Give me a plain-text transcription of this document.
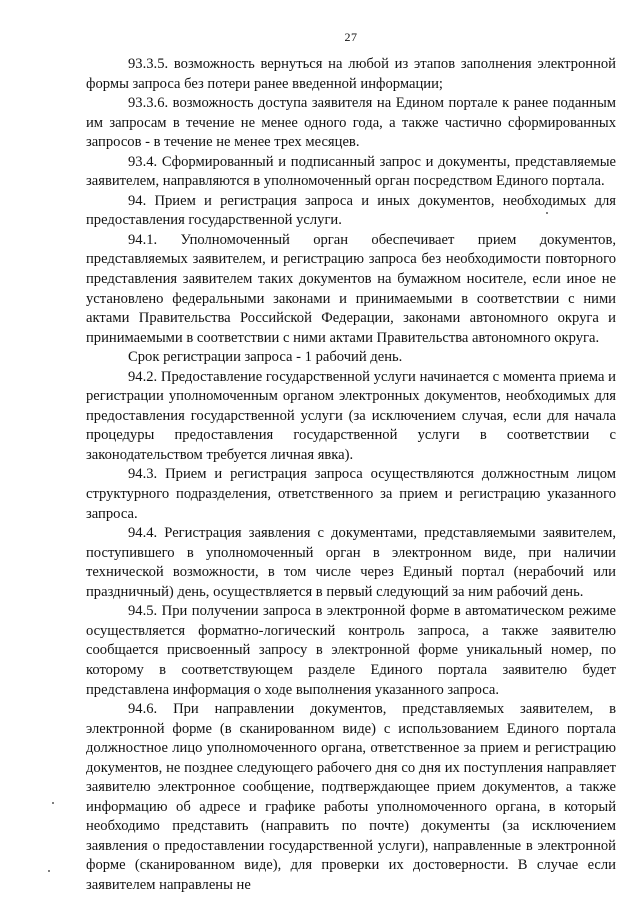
27

93.3.5. возможность вернуться на любой из этапов заполнения электронной формы запроса без потери ранее введенной информации;

93.3.6. возможность доступа заявителя на Едином портале к ранее поданным им запросам в течение не менее одного года, а также частично сформированных запросов - в течение не менее трех месяцев.

93.4. Сформированный и подписанный запрос и документы, представляемые заявителем, направляются в уполномоченный орган посредством Единого портала.

94. Прием и регистрация запроса и иных документов, необходимых для предоставления государственной услуги.

94.1. Уполномоченный орган обеспечивает прием документов, представляемых заявителем, и регистрацию запроса без необходимости повторного представления заявителем таких документов на бумажном носителе, если иное не установлено федеральными законами и принимаемыми в соответствии с ними актами Правительства Российской Федерации, законами автономного округа и принимаемыми в соответствии с ними актами Правительства автономного округа.

Срок регистрации запроса - 1 рабочий день.

94.2. Предоставление государственной услуги начинается с момента приема и регистрации уполномоченным органом электронных документов, необходимых для предоставления государственной услуги (за исключением случая, если для начала процедуры предоставления государственной услуги в соответствии с законодательством требуется личная явка).

94.3. Прием и регистрация запроса осуществляются должностным лицом структурного подразделения, ответственного за прием и регистрацию указанного запроса.

94.4. Регистрация заявления с документами, представляемыми заявителем, поступившего в уполномоченный орган в электронном виде, при наличии технической возможности, в том числе через Единый портал (нерабочий или праздничный) день, осуществляется в первый следующий за ним рабочий день.

94.5. При получении запроса в электронной форме в автоматическом режиме осуществляется форматно-логический контроль запроса, а также заявителю сообщается присвоенный запросу в электронной форме уникальный номер, по которому в соответствующем разделе Единого портала заявителю будет представлена информация о ходе выполнения указанного запроса.

94.6. При направлении документов, представляемых заявителем, в электронной форме (в сканированном виде) с использованием Единого портала должностное лицо уполномоченного органа, ответственное за прием и регистрацию документов, не позднее следующего рабочего дня со дня их поступления направляет заявителю электронное сообщение, подтверждающее прием документов, а также информацию об адресе и графике работы уполномоченного органа, в который необходимо представить (направить по почте) документы (за исключением заявления о предоставлении государственной услуги), направленные в электронной форме (сканированном виде), для проверки их достоверности. В случае если заявителем направлены не
